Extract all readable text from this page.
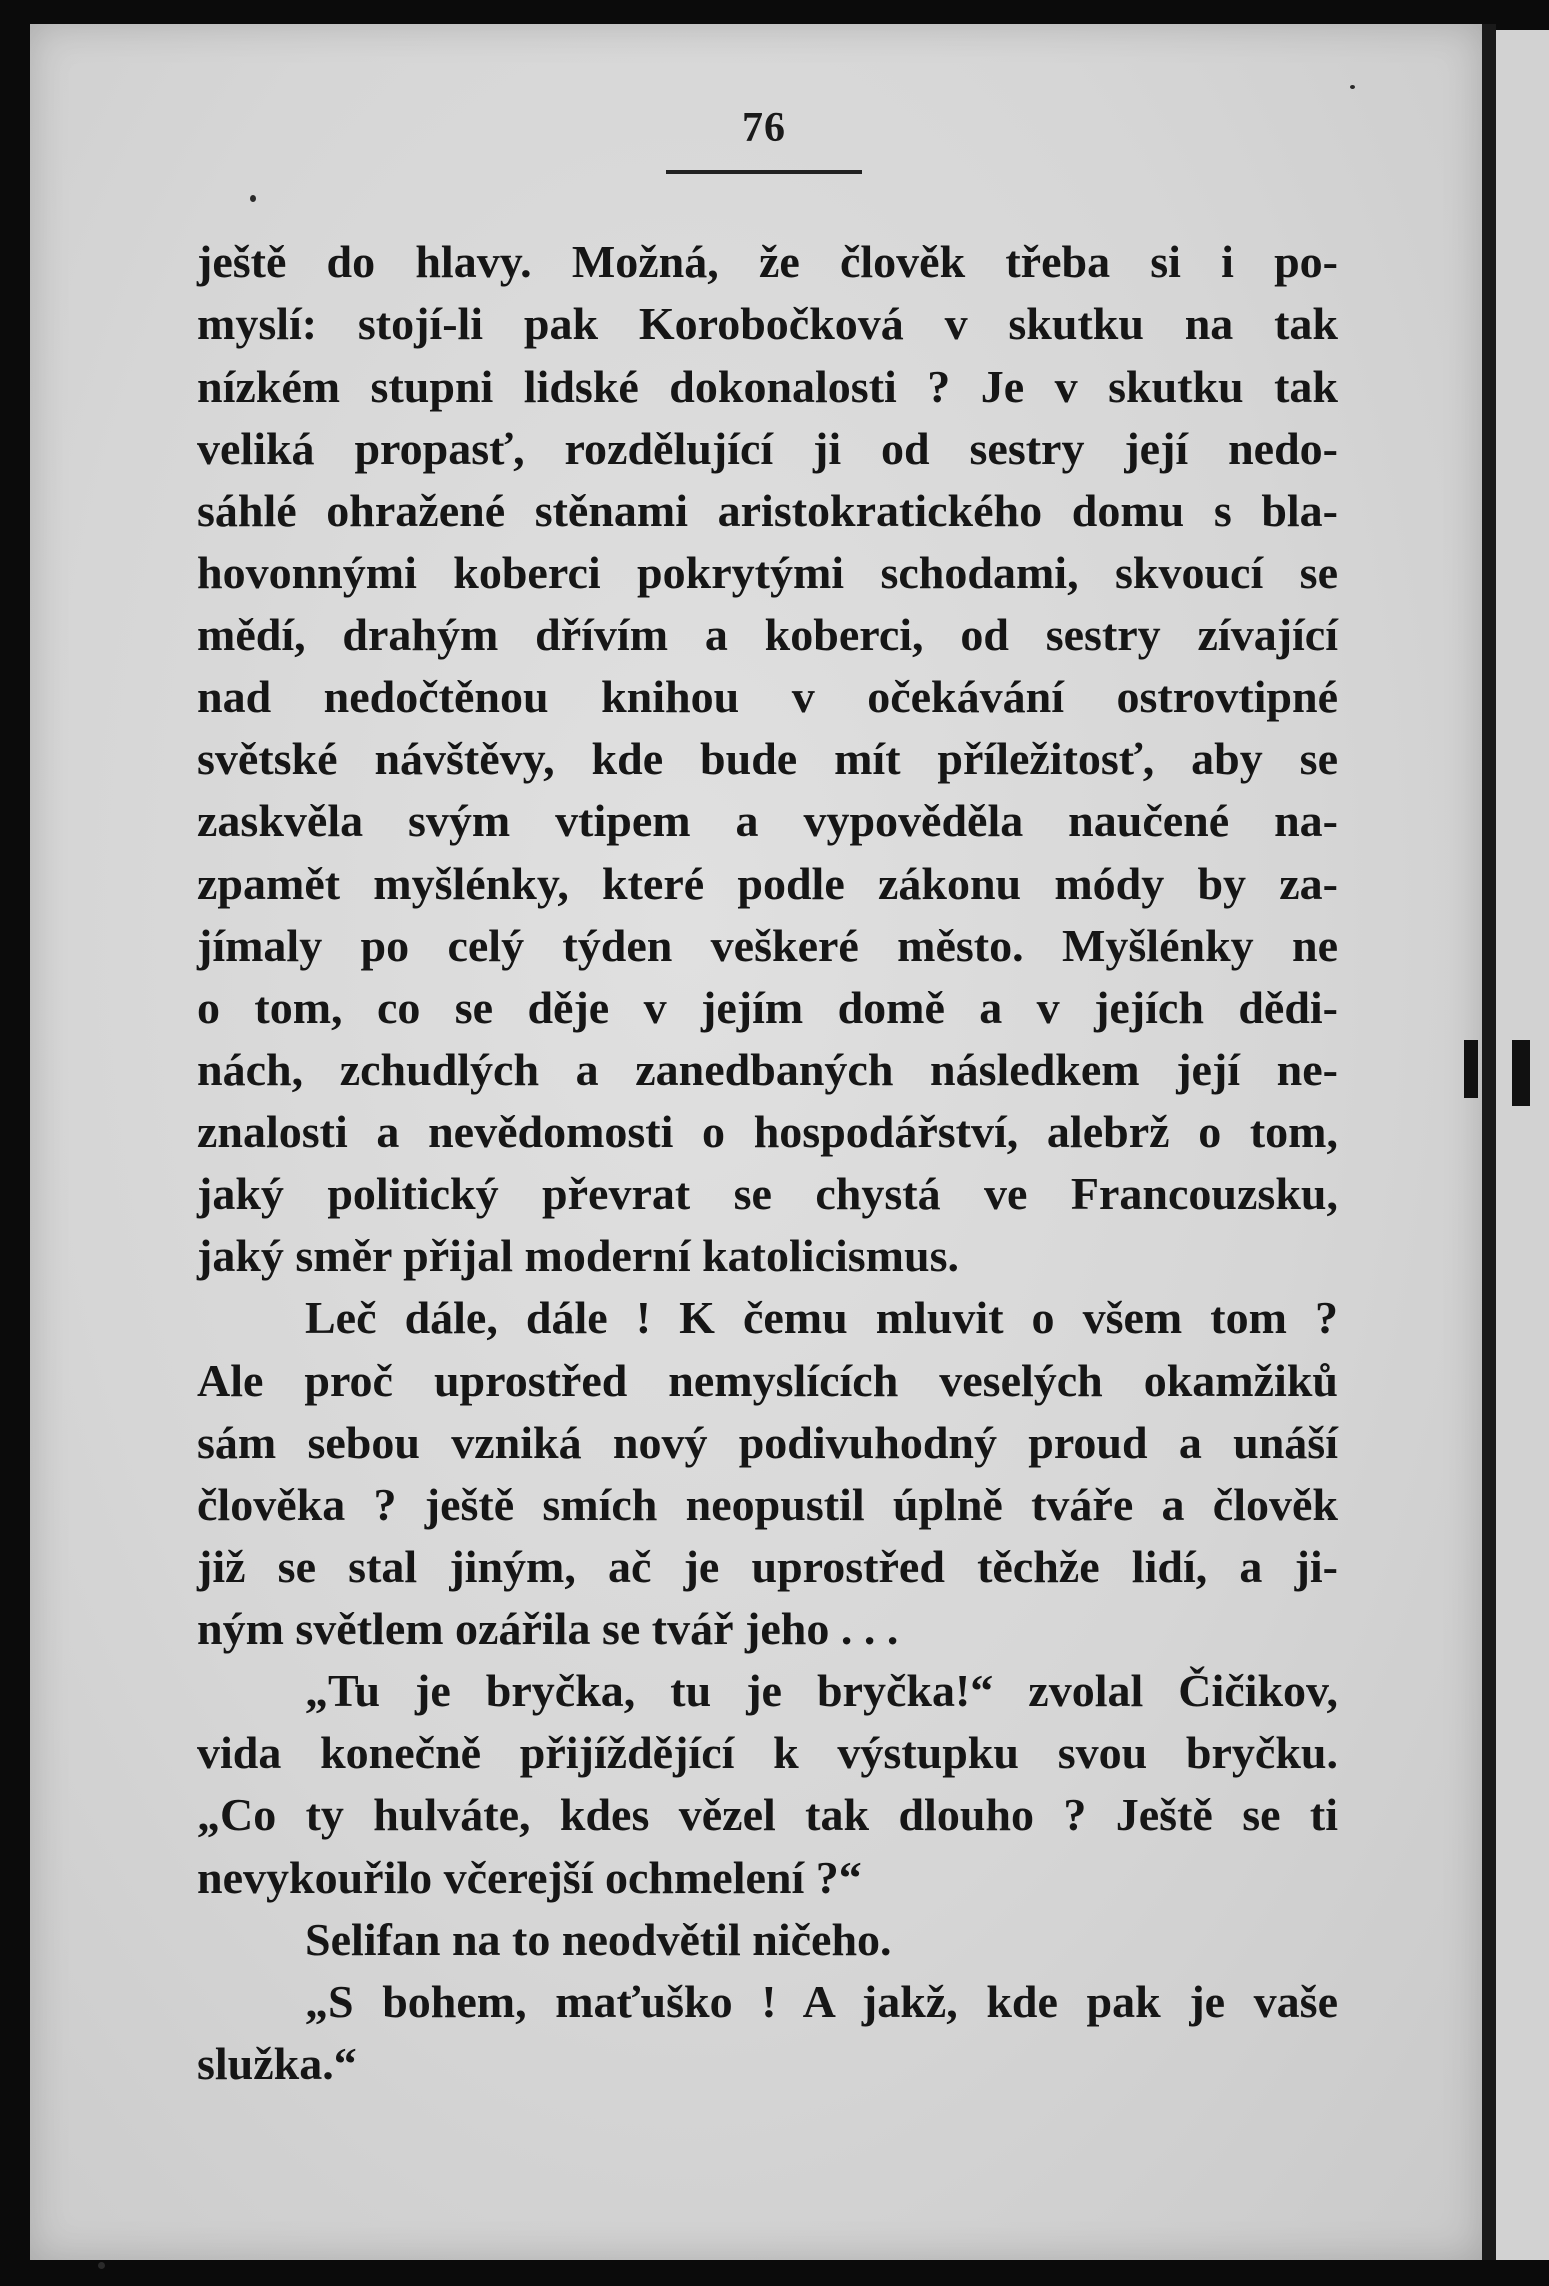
76
ještě do hlavy. Možná, že člověk třeba si i po-
myslí: stojí-li pak Korobočková v skutku na tak
nízkém stupni lidské dokonalosti ? Je v skutku tak
veliká propasť, rozdělující ji od sestry její nedo-
sáhlé ohražené stěnami aristokratického domu s bla-
hovonnými koberci pokrytými schodami, skvoucí se
mědí, drahým dřívím a koberci, od sestry zívající
nad nedočtěnou knihou v očekávání ostrovtipné
světské návštěvy, kde bude mít příležitosť, aby se
zaskvěla svým vtipem a vypověděla naučené na-
zpamět myšlénky, které podle zákonu módy by za-
jímaly po celý týden veškeré město. Myšlénky ne
o tom, co se děje v jejím domě a v jejích dědi-
nách, zchudlých a zanedbaných následkem její ne-
znalosti a nevědomosti o hospodářství, alebrž o tom,
jaký politický převrat se chystá ve Francouzsku,
jaký směr přijal moderní katolicismus.
Leč dále, dále ! K čemu mluvit o všem tom ?
Ale proč uprostřed nemyslících veselých okamžiků
sám sebou vzniká nový podivuhodný proud a unáší
člověka ? ještě smích neopustil úplně tváře a člověk
již se stal jiným, ač je uprostřed těchže lidí, a ji-
ným světlem ozářila se tvář jeho . . .
„Tu je bryčka, tu je bryčka!“ zvolal Čičikov,
vida konečně přijíždějící k výstupku svou bryčku.
„Co ty hulváte, kdes vězel tak dlouho ? Ještě se ti
nevykouřilo včerejší ochmelení ?“
Selifan na to neodvětil ničeho.
„S bohem, maťuško ! A jakž, kde pak je vaše
služka.“
